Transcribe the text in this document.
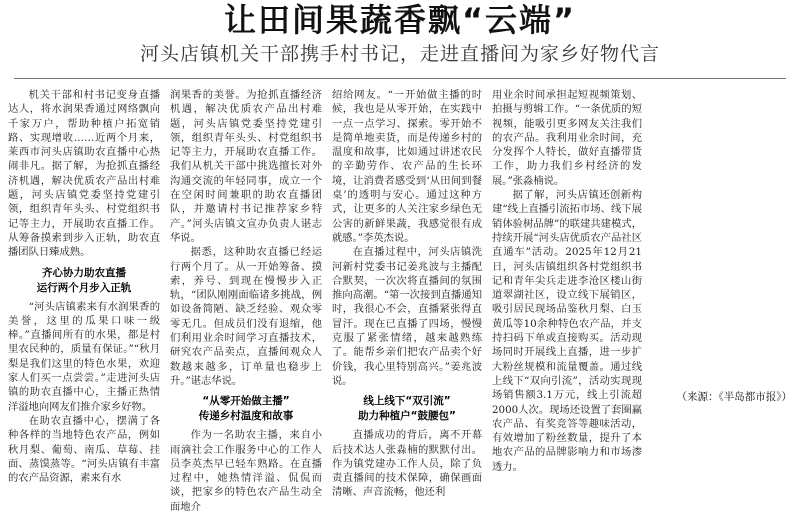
让田间果蔬香飘“云端”
河头店镇机关干部携手村书记，走进直播间为家乡好物代言

机关干部和村书记变身直播达人，将水润果香通过网络飘向千家万户，帮助种植户拓宽销路、实现增收……近两个月来，莱西市河头店镇助农直播中心热闹非凡。据了解，为抢抓直播经济机遇，解决优质农产品出村难题，河头店镇党委坚持党建引领，组织青年头头、村党组织书记等主力，开展助农直播工作。从筹备摸索到步入正轨，助农直播团队日臻成熟。

齐心协力助农直播
运行两个月步入正轨

“河头店镇素来有水润果香的美誉，这里的瓜果口味一级棒。”直播间所有的水果，都是村里农民种的，质量有保证。”“秋月梨是我们这里的特色水果，欢迎家人们买一点尝尝。”走进河头店镇的助农直播中心，主播正热情洋溢地向网友们推介家乡好物。

在助农直播中心，摆满了各种各样的当地特色农产品，例如秋月梨、葡萄、南瓜、草莓、挂面、蒸馍蒸等。“河头店镇有丰富的农产品资源，素来有水

润果香的美誉。为抢抓直播经济机遇，解决优质农产品出村难题，河头店镇党委坚持党建引领，组织青年头头、村党组织书记等主力，开展助农直播工作。我们从机关干部中挑选擅长对外沟通交流的年轻同事，成立一个在空闲时间兼职的助农直播团队，并邀请村书记推荐家乡特产。”河头店镇文宣办负责人谌志华说。

据悉，这种助农直播已经运行两个月了。从一开始筹备、摸索，养号、到现在慢慢步入正轨，“团队刚刚面临诸多挑战，例如设备简陋、缺乏经验、观众零零无几。但成员们没有退缩，他们利用业余时间学习直播技术，研究农产品卖点，直播间观众人数越来越多，订单量也稳步上升。”谌志华说。

“从零开始做主播”
传递乡村温度和故事

作为一名助农主播，来自小雨滴社会工作服务中心的工作人员李英杰早已轻车熟路。在直播过程中，她热情洋溢、侃侃而谈，把家乡的特色农产品生动全面地介

绍给网友。“一开始做主播的时候，我也是从零开始，在实践中一点一点学习、探索。零开始不是简单地卖货，而是传递乡村的温度和故事，比如通过讲述农民的辛勤劳作、农产品的生长环境，让消费者感受到‘从田间到餐桌’的透明与安心。通过这种方式，让更多的人关注家乡绿色无公害的新鲜果蔬，我感觉很有成就感。”李英杰说。

在直播过程中，河头店镇洗河新村党委书记姜兆波与主播配合默契，一次次将直播间的氛围推向高潮。“第一次接到直播通知时，我很心不会，直播紧张得直冒汗。现在已直播了四场，慢慢克服了紧张情绪，越来越熟练了。能帮乡亲们把农产品卖个好价钱，我心里特别高兴。”姜兆波说。

线上线下“双引流”
助力种植户“鼓腰包”

直播成功的背后，离不开幕后技术达人张淼楠的默默付出。作为镇党建办工作人员，除了负责直播间的技术保障，确保画面清晰、声音流畅，他还利

用业余时间承担起短视频策划、拍摄与剪辑工作。“一条优质的短视频，能吸引更多网友关注我们的农产品。我利用业余时间，充分发挥个人特长，做好直播带货工作，助力我们乡村经济的发展。”张淼楠说。

据了解，河头店镇还创新构建“线上直播引流拓市场、线下展销体验树品牌”的联建共建模式，持续开展“河头店优质农产品社区直通车”活动。2025年12月21日，河头店镇组织各村党组织书记和青年尖兵走进李沧区楼山街道翠湖社区，设立线下展销区，吸引居民现场品鉴秋月梨、白玉黄瓜等10余种特色农产品，并支持扫码下单或直接购买。活动现场同时开展线上直播，进一步扩大粉丝规模和流量覆盖。通过线上线下“双向引流”，活动实现现场销售额3.1万元，线上引流超2000人次。现场还设置了套圈赢农产品、有奖竞答等趣味活动，有效增加了粉丝数量，提升了本地农产品的品牌影响力和市场渗透力。

（来源：《半岛都市报》）
